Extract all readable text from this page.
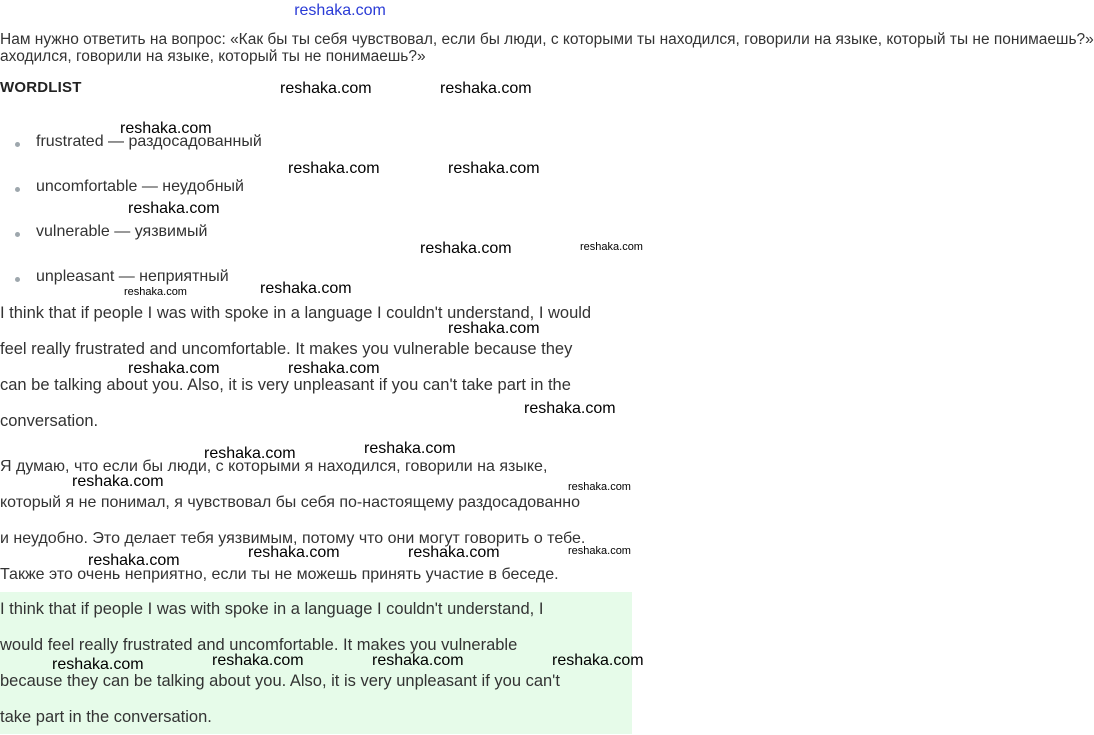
reshaka.com
Нам нужно ответить на вопрос: «Как бы ты себя чувствовал, если бы люди, с которыми ты находился, говорили на языке, который ты не понимаешь?»
аходился, говорили на языке, который ты не понимаешь?»
WORDLIST
frustrated — раздосадованный
uncomfortable — неудобный
vulnerable — уязвимый
unpleasant — неприятный
I think that if people I was with spoke in a language I couldn't understand, I would
feel really frustrated and uncomfortable. It makes you vulnerable because they
can be talking about you. Also, it is very unpleasant if you can't take part in the
conversation.
Я думаю, что если бы люди, с которыми я находился, говорили на языке,
который я не понимал, я чувствовал бы себя по-настоящему раздосадованно
и неудобно. Это делает тебя уязвимым, потому что они могут говорить о тебе.
Также это очень неприятно, если ты не можешь принять участие в беседе.
I think that if people I was with spoke in a language I couldn't understand, I
would feel really frustrated and uncomfortable. It makes you vulnerable
because they can be talking about you. Also, it is very unpleasant if you can't
take part in the conversation.
reshaka.com	reshaka.com
reshaka.com
reshaka.com	reshaka.com
reshaka.com
reshaka.com	reshaka.com
reshaka.com	reshaka.com
reshaka.com
reshaka.com	reshaka.com
reshaka.com
reshaka.com	reshaka.com
reshaka.com
reshaka.com
reshaka.com	reshaka.com	reshaka.com
reshaka.com
reshaka.com	reshaka.com	reshaka.com	reshaka.com
